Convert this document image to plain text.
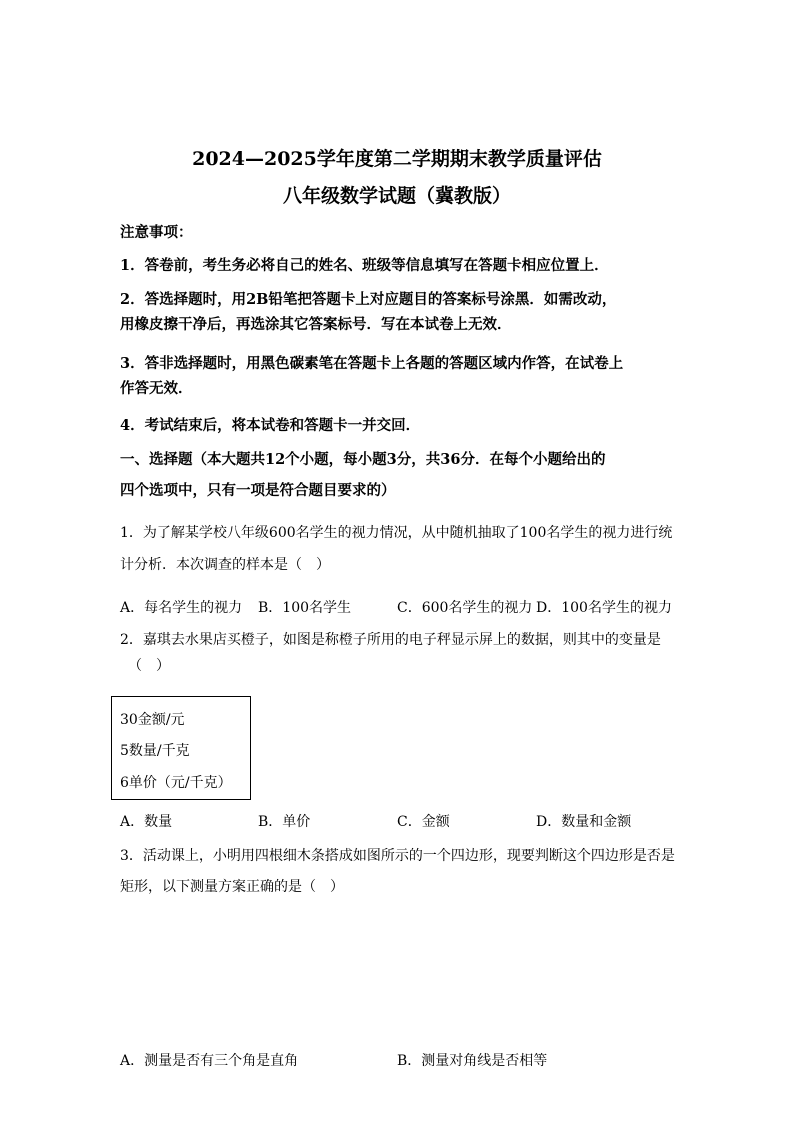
2024—2025学年度第二学期期末教学质量评估
八年级数学试题（冀教版）
注意事项：
1．答卷前，考生务必将自己的姓名、班级等信息填写在答题卡相应位置上．
2．答选择题时，用2B铅笔把答题卡上对应题目的答案标号涂黑．如需改动，
用橡皮擦干净后，再选涂其它答案标号．写在本试卷上无效．
3．答非选择题时，用黑色碳素笔在答题卡上各题的答题区域内作答，在试卷上
作答无效．
4．考试结束后，将本试卷和答题卡一并交回．
一、选择题（本大题共12个小题，每小题3分，共36分．在每个小题给出的
四个选项中，只有一项是符合题目要求的）
1．为了解某学校八年级600名学生的视力情况，从中随机抽取了100名学生的视力进行统
计分析．本次调查的样本是（　）
A．每名学生的视力 B．100名学生	C．600名学生的视力 D．100名学生的视力
2．嘉琪去水果店买橙子，如图是称橙子所用的电子秤显示屏上的数据，则其中的变量是
（　）
30金额/元
5数量/千克
6单价（元/千克）
A．数量	B．单价	C．金额	D．数量和金额
3．活动课上，小明用四根细木条搭成如图所示的一个四边形，现要判断这个四边形是否是
矩形，以下测量方案正确的是（　）
A．测量是否有三个角是直角	B．测量对角线是否相等
